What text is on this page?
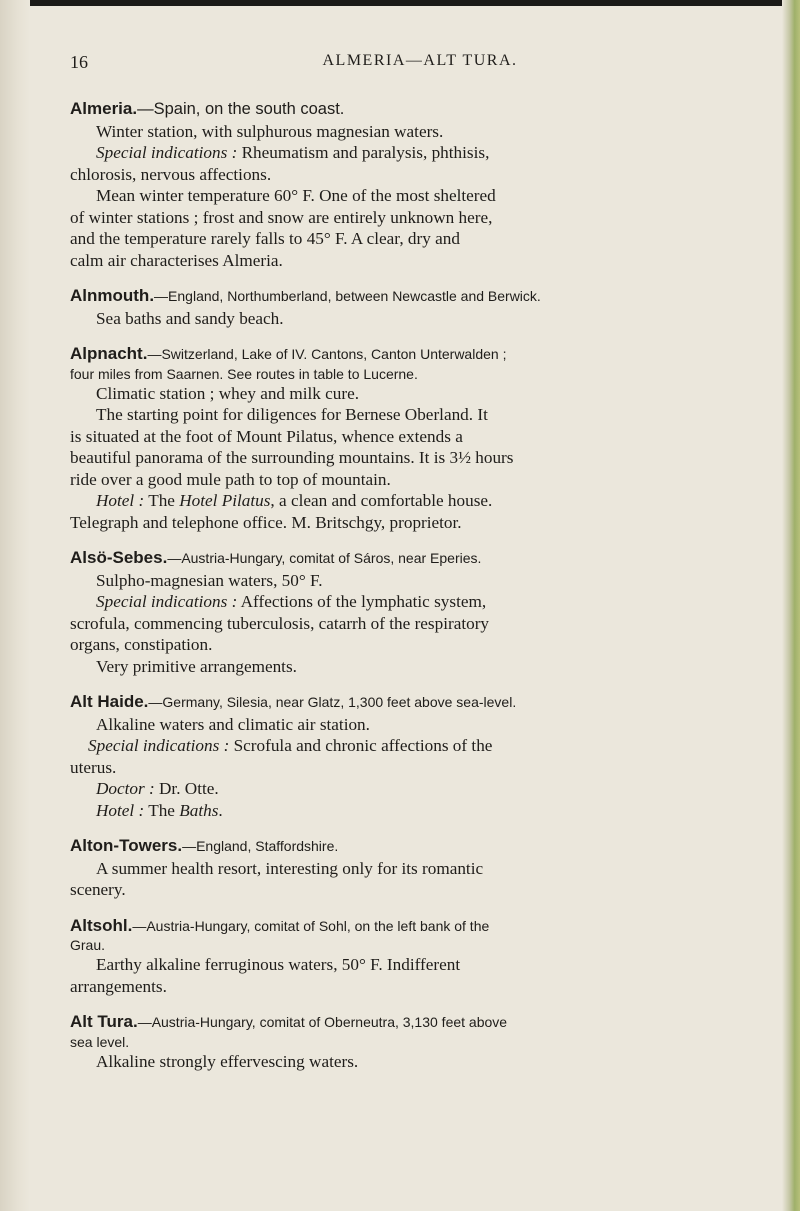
16	ALMERIA—ALT TURA.

Almeria.—Spain, on the south coast.

Winter station, with sulphurous magnesian waters.

Special indications : Rheumatism and paralysis, phthisis,

chlorosis, nervous affections.

Mean winter temperature 60° F. One of the most sheltered

of winter stations ; frost and snow are entirely unknown here,

and the temperature rarely falls to 45° F. A clear, dry and

calm air characterises Almeria.

Alnmouth.—England, Northumberland, between Newcastle and Berwick.

Sea baths and sandy beach.

Alpnacht.—Switzerland, Lake of IV. Cantons, Canton Unterwalden ;

four miles from Saarnen. See routes in table to Lucerne.

Climatic station ; whey and milk cure.

The starting point for diligences for Bernese Oberland. It

is situated at the foot of Mount Pilatus, whence extends a

beautiful panorama of the surrounding mountains. It is 3½ hours

ride over a good mule path to top of mountain.

Hotel : The Hotel Pilatus, a clean and comfortable house.

Telegraph and telephone office. M. Britschgy, proprietor.

Alsö-Sebes.—Austria-Hungary, comitat of Sáros, near Eperies.

Sulpho-magnesian waters, 50° F.

Special indications : Affections of the lymphatic system,

scrofula, commencing tuberculosis, catarrh of the respiratory

organs, constipation.

Very primitive arrangements.

Alt Haide.—Germany, Silesia, near Glatz, 1,300 feet above sea-level.

Alkaline waters and climatic air station.

Special indications : Scrofula and chronic affections of the

uterus.

Doctor : Dr. Otte.

Hotel : The Baths.

Alton-Towers.—England, Staffordshire.

A summer health resort, interesting only for its romantic

scenery.

Altsohl.—Austria-Hungary, comitat of Sohl, on the left bank of the

Grau.

Earthy alkaline ferruginous waters, 50° F. Indifferent

arrangements.

Alt Tura.—Austria-Hungary, comitat of Oberneutra, 3,130 feet above

sea level.

Alkaline strongly effervescing waters.
